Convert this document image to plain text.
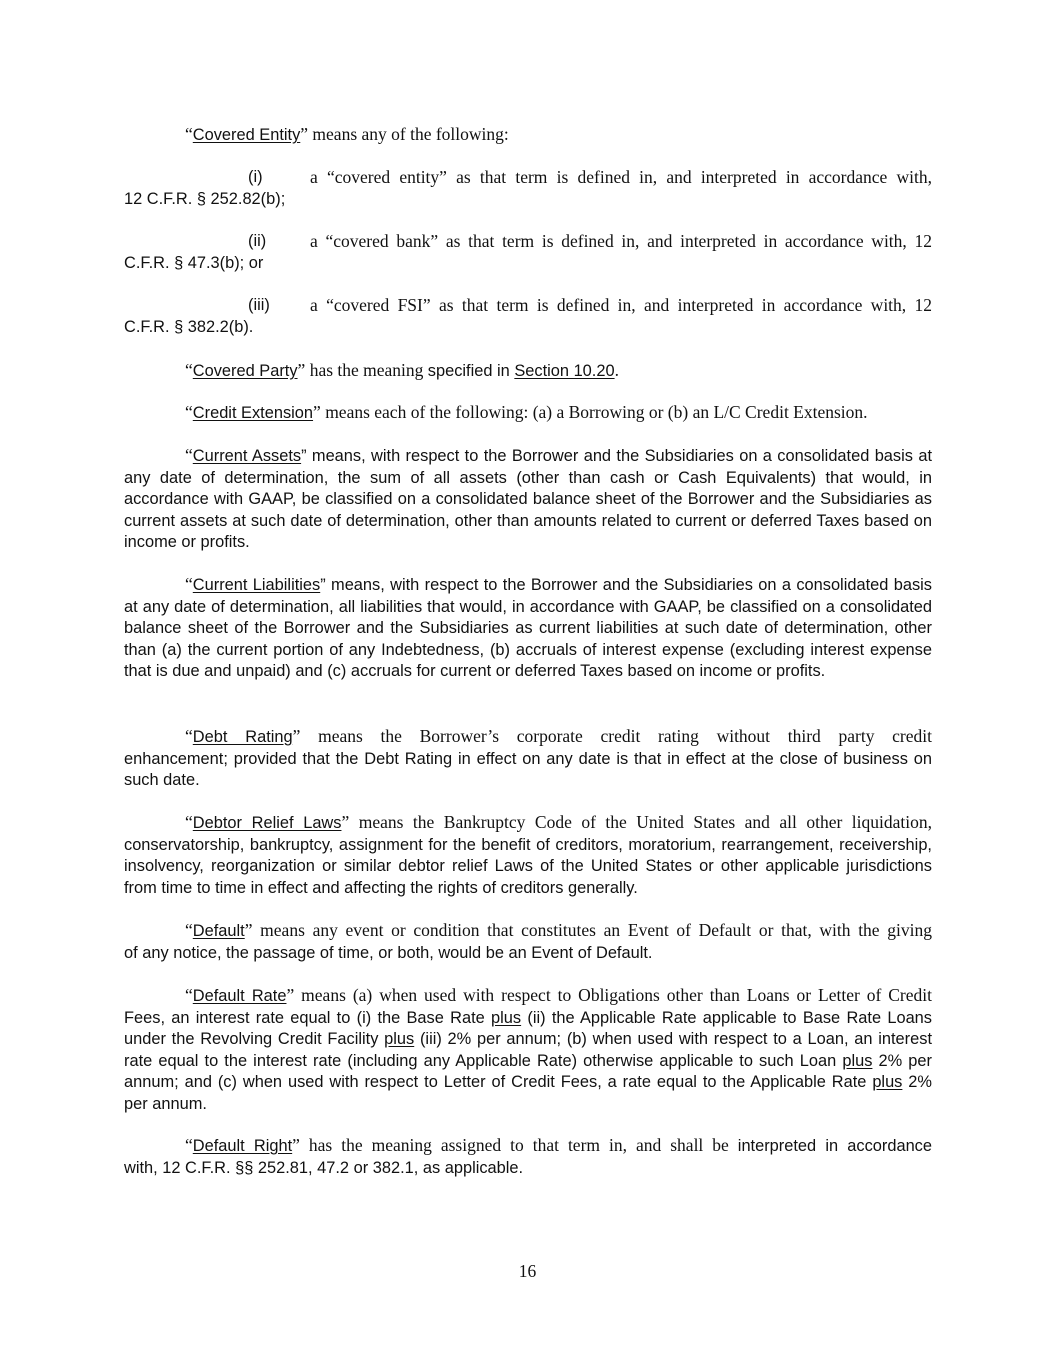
“Covered Entity” means any of the following:
(i)	a “covered entity” as that term is defined in, and interpreted in accordance with,
12 C.F.R. § 252.82(b);
(ii)	a “covered bank” as that term is defined in, and interpreted in accordance with, 12
C.F.R. § 47.3(b); or
(iii)	a “covered FSI” as that term is defined in, and interpreted in accordance with, 12
C.F.R. § 382.2(b).
“Covered Party” has the meaning specified in Section 10.20.
“Credit Extension” means each of the following: (a) a Borrowing or (b) an L/C Credit Extension.
“Current Assets” means, with respect to the Borrower and the Subsidiaries on a consolidated basis at any date of determination, the sum of all assets (other than cash or Cash Equivalents) that would, in accordance with GAAP, be classified on a consolidated balance sheet of the Borrower and the Subsidiaries as current assets at such date of determination, other than amounts related to current or deferred Taxes based on income or profits.
“Current Liabilities” means, with respect to the Borrower and the Subsidiaries on a consolidated basis at any date of determination, all liabilities that would, in accordance with GAAP, be classified on a consolidated balance sheet of the Borrower and the Subsidiaries as current liabilities at such date of determination, other than (a) the current portion of any Indebtedness, (b) accruals of interest expense (excluding interest expense that is due and unpaid) and (c) accruals for current or deferred Taxes based on income or profits.
“Debt Rating” means the Borrower’s corporate credit rating without third party credit
enhancement; provided that the Debt Rating in effect on any date is that in effect at the close of business on such date.
“Debtor Relief Laws” means the Bankruptcy Code of the United States and all other liquidation,
conservatorship, bankruptcy, assignment for the benefit of creditors, moratorium, rearrangement, receivership, insolvency, reorganization or similar debtor relief Laws of the United States or other applicable jurisdictions from time to time in effect and affecting the rights of creditors generally.
“Default” means any event or condition that constitutes an Event of Default or that, with the giving
of any notice, the passage of time, or both, would be an Event of Default.
“Default Rate” means (a) when used with respect to Obligations other than Loans or Letter of Credit
Fees, an interest rate equal to (i) the Base Rate plus (ii) the Applicable Rate applicable to Base Rate Loans under the Revolving Credit Facility plus (iii) 2% per annum; (b) when used with respect to a Loan, an interest rate equal to the interest rate (including any Applicable Rate) otherwise applicable to such Loan plus 2% per annum; and (c) when used with respect to Letter of Credit Fees, a rate equal to the Applicable Rate plus 2% per annum.
“Default Right” has the meaning assigned to that term in, and shall be interpreted in accordance
with, 12 C.F.R. §§ 252.81, 47.2 or 382.1, as applicable.
16
